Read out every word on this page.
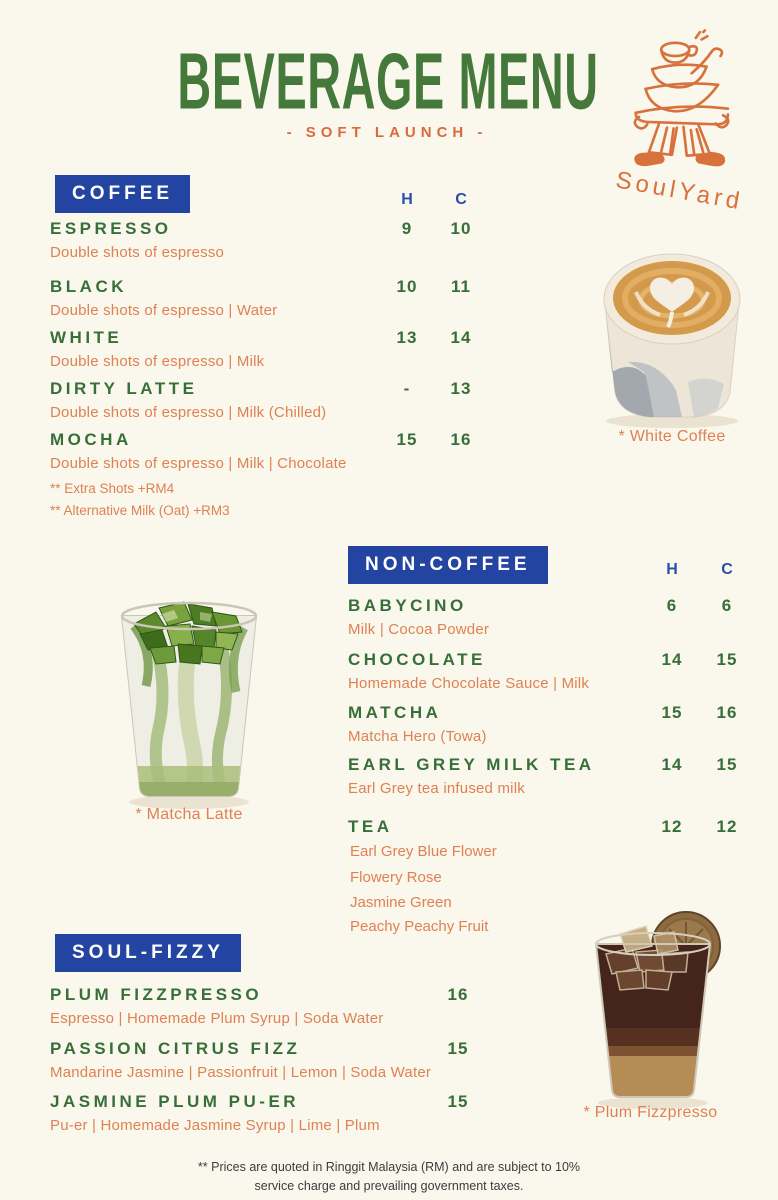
BEVERAGE MENU
- SOFT LAUNCH -
SoulYard
COFFEE	H	C
ESPRESSO
Double shots of espresso
9	10
BLACK
Double shots of espresso | Water
10 11
WHITE
Double shots of espresso | Milk
13 14
DIRTY LATTE
Double shots of espresso | Milk (Chilled)
-	13
MOCHA
Double shots of espresso | Milk | Chocolate
15 16
** Extra Shots +RM4
** Alternative Milk (Oat) +RM3
* White Coffee
NON-COFFEE	H	C
BABYCINO
Milk | Cocoa Powder
6	6
CHOCOLATE
Homemade Chocolate Sauce | Milk
14 15
MATCHA
Matcha Hero (Towa)
15 16
EARL GREY MILK TEA
Earl Grey tea infused milk
14 15
TEA	12 12
Earl Grey Blue Flower
Flowery Rose
Jasmine Green
Peachy Peachy Fruit
* Matcha Latte
SOUL-FIZZY
PLUM FIZZPRESSO
Espresso | Homemade Plum Syrup | Soda Water
16
PASSION CITRUS FIZZ
Mandarine Jasmine | Passionfruit | Lemon | Soda Water
15
JASMINE PLUM PU-ER
Pu-er | Homemade Jasmine Syrup | Lime | Plum
15
* Plum Fizzpresso
** Prices are quoted in Ringgit Malaysia (RM) and are subject to 10%
service charge and prevailing government taxes.
